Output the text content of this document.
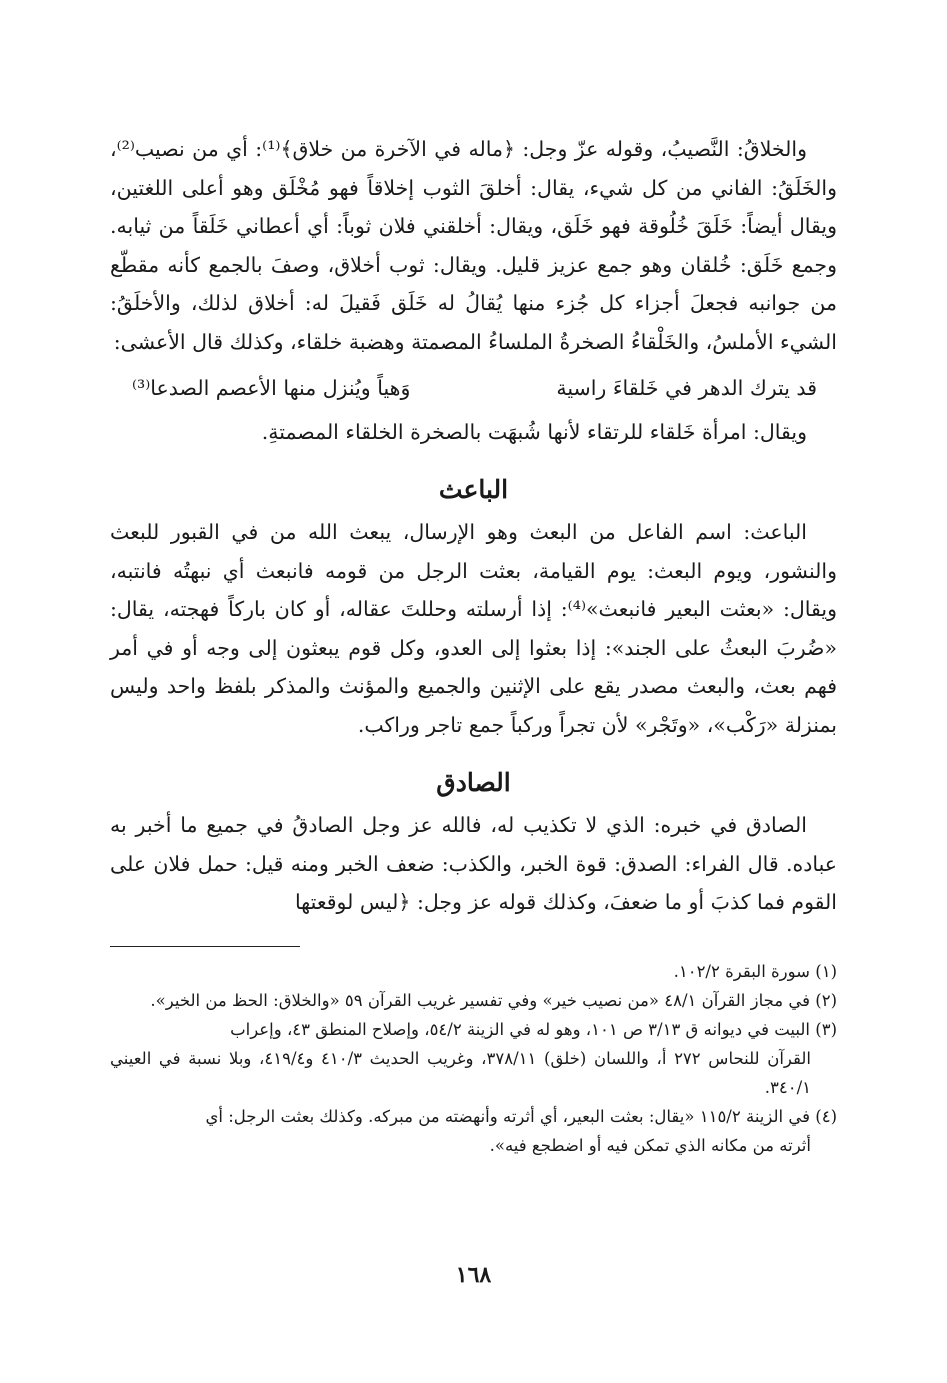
والخلاقُ: النَّصيبُ، وقوله عزّ وجل: ﴿ماله في الآخرة من خلاق﴾⁽¹⁾: أي من نصيب⁽²⁾، والخَلَقُ: الفاني من كل شيء، يقال: أخلقَ الثوب إخلاقاً فهو مُخْلَق وهو أعلى اللغتين، ويقال أيضاً: خَلَقَ خُلُوقة فهو خَلَق، ويقال: أخلقني فلان ثوباً: أي أعطاني خَلَقاً من ثيابه. وجمع خَلَق: خُلقان وهو جمع عزيز قليل. ويقال: ثوب أخلاق، وصفَ بالجمع كأنه مقطّع من جوانبه فجعلَ أجزاء كل جُزء منها يُقالُ له خَلَق فَقيلَ له: أخلاق لذلك، والأخلَقُ: الشيء الأملسُ، والخَلْقاءُ الصخرةُ الملساءُ المصمتة وهضبة خلقاء، وكذلك قال الأعشى:

قد يترك الدهر في خَلقاءَ راسية
وَهياً ويُنزل منها الأعصم الصدعا⁽³⁾

ويقال: امرأة خَلقاء للرتقاء لأنها شُبهَت بالصخرة الخلقاء المصمتةِ.

الباعث

الباعث: اسم الفاعل من البعث وهو الإرسال، يبعث الله من في القبور للبعث والنشور، ويوم البعث: يوم القيامة، بعثت الرجل من قومه فانبعث أي نبهتُه فانتبه، ويقال: «بعثت البعير فانبعث»⁽⁴⁾: إذا أرسلته وحللتَ عقاله، أو كان باركاً فهجته، يقال: «ضُربَ البعثُ على الجند»: إذا بعثوا إلى العدو، وكل قوم يبعثون إلى وجه أو في أمر فهم بعث، والبعث مصدر يقع على الإثنين والجميع والمؤنث والمذكر بلفظ واحد وليس بمنزلة «رَكْب»، «وتَجْر» لأن تجراً وركباً جمع تاجر وراكب.

الصادق

الصادق في خبره: الذي لا تكذيب له، فالله عز وجل الصادقُ في جميع ما أخبر به عباده. قال الفراء: الصدق: قوة الخبر، والكذب: ضعف الخبر ومنه قيل: حمل فلان على القوم فما كذبَ أو ما ضعفَ، وكذلك قوله عز وجل: ﴿ليس لوقعتها

(١) سورة البقرة ١٠٢/٢.

(٢) في مجاز القرآن ٤٨/١ «من نصيب خير» وفي تفسير غريب القرآن ٥٩ «والخلاق: الحظ من الخير».

(٣) البيت في ديوانه ق ٣/١٣ ص ١٠١، وهو له في الزينة ٥٤/٢، وإصلاح المنطق ٤٣، وإعراب
القرآن للنحاس ٢٧٢ أ، واللسان (خلق) ٣٧٨/١١، وغريب الحديث ٤١٠/٣ و٤١٩/٤، وبلا نسبة في العيني ٣٤٠/١.

(٤) في الزينة ١١٥/٢ «يقال: بعثت البعير، أي أثرته وأنهضته من مبركه. وكذلك بعثت الرجل: أي
أثرته من مكانه الذي تمكن فيه أو اضطجع فيه».

١٦٨
